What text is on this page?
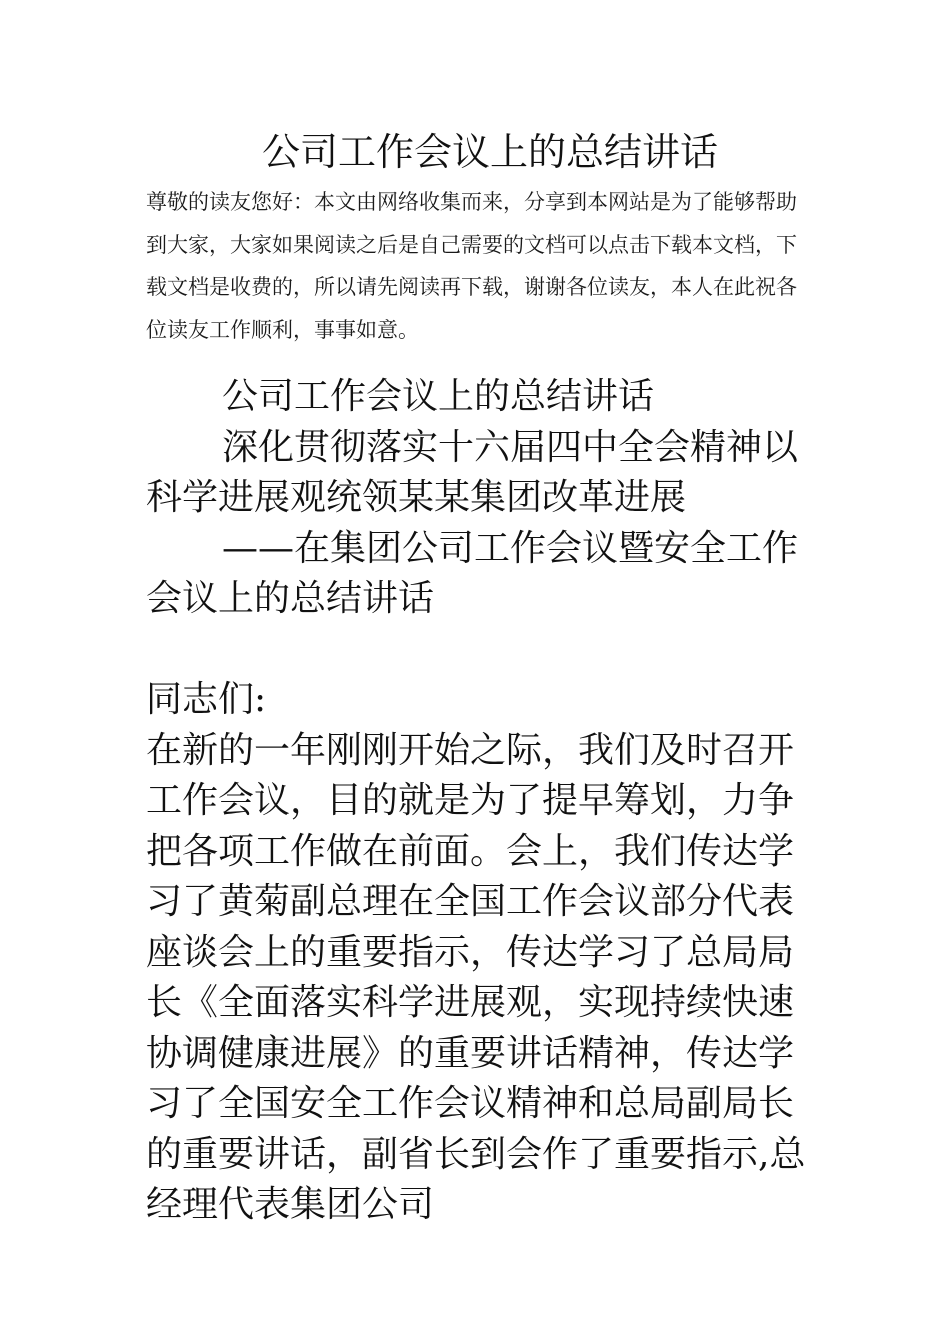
公司工作会议上的总结讲话

尊敬的读友您好：本文由网络收集而来，分享到本网站是为了能够帮助到大家，大家如果阅读之后是自己需要的文档可以点击下载本文档，下载文档是收费的，所以请先阅读再下载，谢谢各位读友，本人在此祝各位读友工作顺利，事事如意。

公司工作会议上的总结讲话

深化贯彻落实十六届四中全会精神以科学进展观统领某某集团改革进展

——在集团公司工作会议暨安全工作会议上的总结讲话

同志们:

在新的一年刚刚开始之际，我们及时召开工作会议，目的就是为了提早筹划，力争把各项工作做在前面。会上，我们传达学习了黄菊副总理在全国工作会议部分代表座谈会上的重要指示，传达学习了总局局长《全面落实科学进展观，实现持续快速协调健康进展》的重要讲话精神，传达学习了全国安全工作会议精神和总局副局长的重要讲话，副省长到会作了重要指示,总经理代表集团公司
